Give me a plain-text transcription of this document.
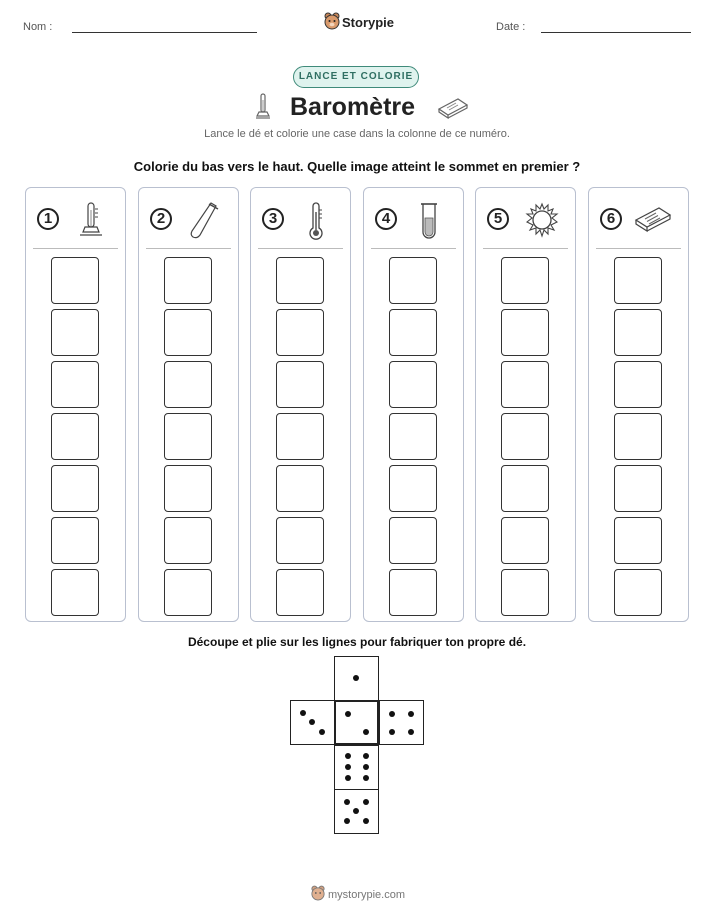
Nom :	Storypie	Date :
LANCE ET COLORIE
Baromètre
Lance le dé et colorie une case dans la colonne de ce numéro.
Colorie du bas vers le haut. Quelle image atteint le sommet en premier ?
1	2	3	4	5	6
Découpe et plie sur les lignes pour fabriquer ton propre dé.
mystorypie.com
